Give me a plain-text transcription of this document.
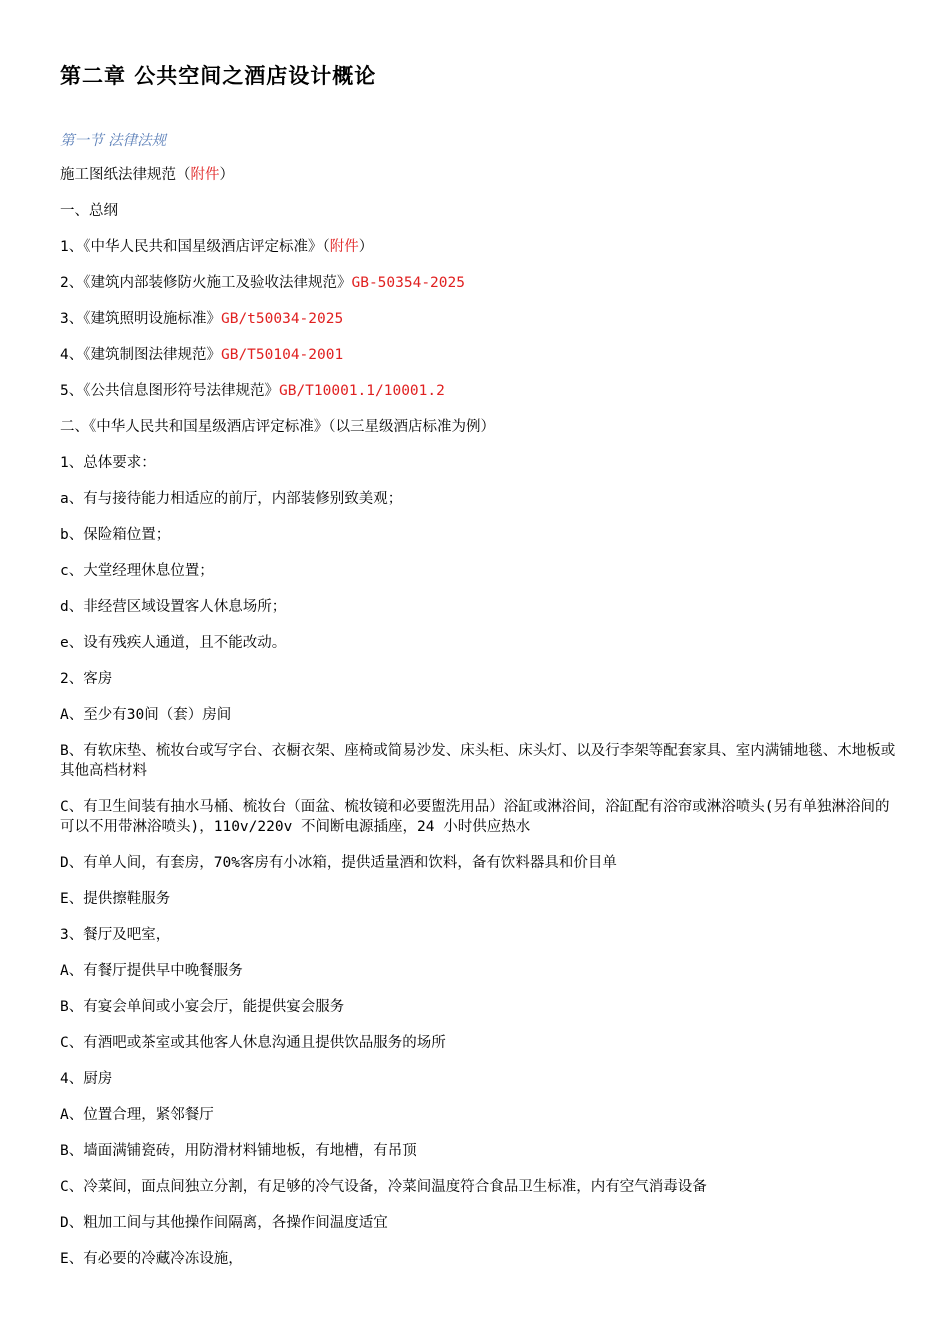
第二章 公共空间之酒店设计概论
第一节 法律法规
施工图纸法律规范（附件）
一、总纲
1、《中华人民共和国星级酒店评定标准》（附件）
2、《建筑内部装修防火施工及验收法律规范》GB-50354-2025
3、《建筑照明设施标准》GB/t50034-2025
4、《建筑制图法律规范》GB/T50104-2001
5、《公共信息图形符号法律规范》GB/T10001.1/10001.2
二、《中华人民共和国星级酒店评定标准》（以三星级酒店标准为例）
1、总体要求：
a、有与接待能力相适应的前厅，内部装修别致美观；
b、保险箱位置；
c、大堂经理休息位置；
d、非经营区域设置客人休息场所；
e、设有残疾人通道，且不能改动。
2、客房
A、至少有30间（套）房间
B、有软床垫、梳妆台或写字台、衣橱衣架、座椅或简易沙发、床头柜、床头灯、以及行李架等配套家具、室内满铺地毯、木地板或其他高档材料
C、有卫生间装有抽水马桶、梳妆台（面盆、梳妆镜和必要盥洗用品）浴缸或淋浴间，浴缸配有浴帘或淋浴喷头(另有单独淋浴间的可以不用带淋浴喷头)，110v/220v 不间断电源插座，24 小时供应热水
D、有单人间，有套房，70%客房有小冰箱，提供适量酒和饮料，备有饮料器具和价目单
E、提供擦鞋服务
3、餐厅及吧室，
A、有餐厅提供早中晚餐服务
B、有宴会单间或小宴会厅，能提供宴会服务
C、有酒吧或茶室或其他客人休息沟通且提供饮品服务的场所
4、厨房
A、位置合理，紧邻餐厅
B、墙面满铺瓷砖，用防滑材料铺地板，有地槽，有吊顶
C、冷菜间，面点间独立分割，有足够的冷气设备，冷菜间温度符合食品卫生标准，内有空气消毒设备
D、粗加工间与其他操作间隔离，各操作间温度适宜
E、有必要的冷藏冷冻设施，
